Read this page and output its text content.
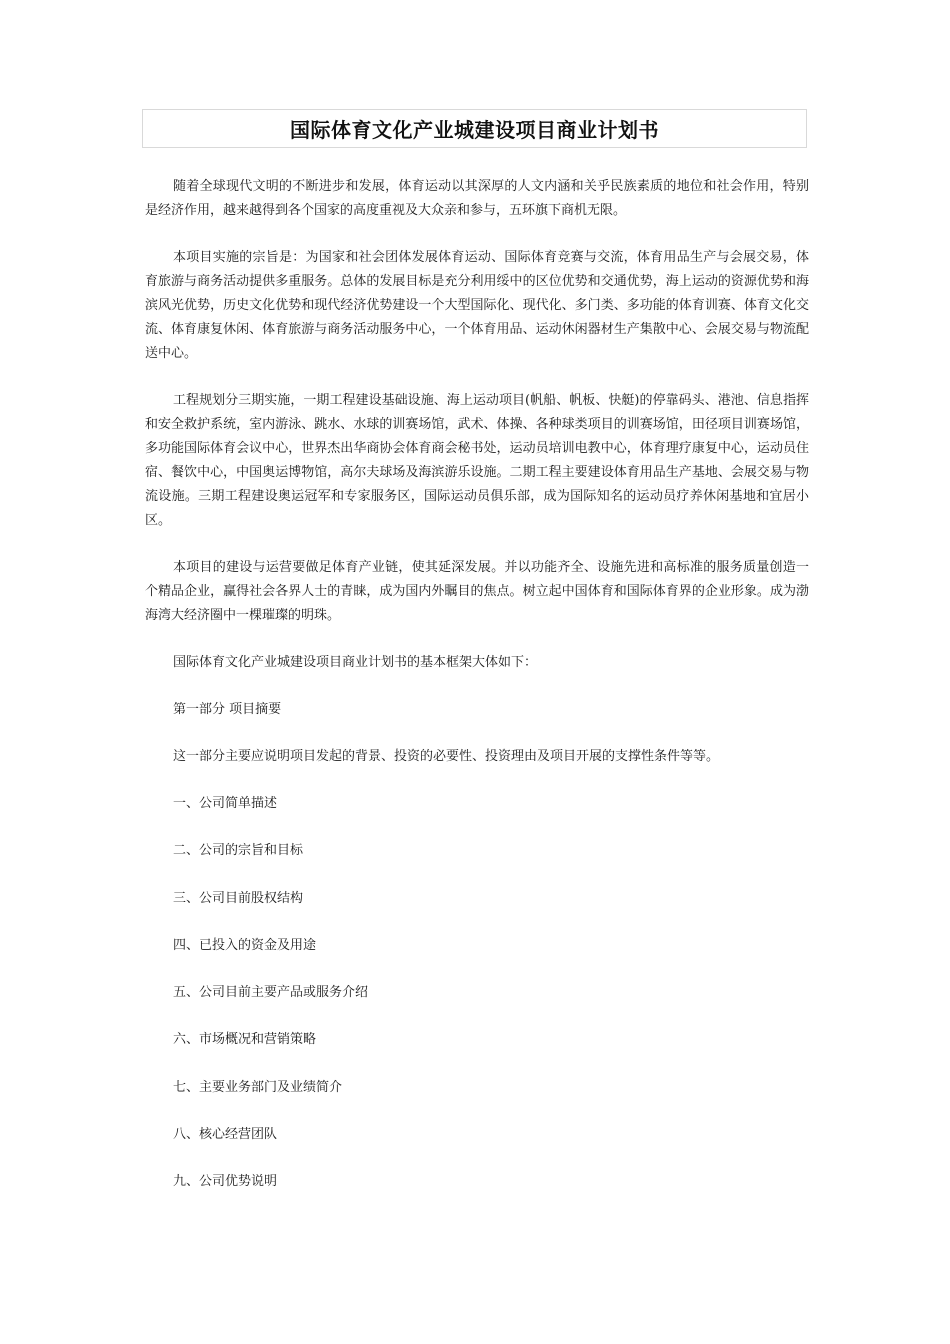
国际体育文化产业城建设项目商业计划书

随着全球现代文明的不断进步和发展，体育运动以其深厚的人文内涵和关乎民族素质的地位和社会作用，特别是经济作用，越来越得到各个国家的高度重视及大众亲和参与，五环旗下商机无限。

本项目实施的宗旨是：为国家和社会团体发展体育运动、国际体育竞赛与交流，体育用品生产与会展交易，体育旅游与商务活动提供多重服务。总体的发展目标是充分利用绥中的区位优势和交通优势，海上运动的资源优势和海滨风光优势，历史文化优势和现代经济优势建设一个大型国际化、现代化、多门类、多功能的体育训赛、体育文化交流、体育康复休闲、体育旅游与商务活动服务中心，一个体育用品、运动休闲器材生产集散中心、会展交易与物流配送中心。

工程规划分三期实施，一期工程建设基础设施、海上运动项目(帆船、帆板、快艇)的停靠码头、港池、信息指挥和安全救护系统，室内游泳、跳水、水球的训赛场馆，武术、体操、各种球类项目的训赛场馆，田径项目训赛场馆，多功能国际体育会议中心，世界杰出华商协会体育商会秘书处，运动员培训电教中心，体育理疗康复中心，运动员住宿、餐饮中心，中国奥运博物馆，高尔夫球场及海滨游乐设施。二期工程主要建设体育用品生产基地、会展交易与物流设施。三期工程建设奥运冠军和专家服务区，国际运动员俱乐部，成为国际知名的运动员疗养休闲基地和宜居小区。

本项目的建设与运营要做足体育产业链，使其延深发展。并以功能齐全、设施先进和高标准的服务质量创造一个精品企业，赢得社会各界人士的青睐，成为国内外瞩目的焦点。树立起中国体育和国际体育界的企业形象。成为渤海湾大经济圈中一棵璀璨的明珠。

国际体育文化产业城建设项目商业计划书的基本框架大体如下：

第一部分 项目摘要

这一部分主要应说明项目发起的背景、投资的必要性、投资理由及项目开展的支撑性条件等等。

一、公司简单描述

二、公司的宗旨和目标

三、公司目前股权结构

四、已投入的资金及用途

五、公司目前主要产品或服务介绍

六、市场概况和营销策略

七、主要业务部门及业绩简介

八、核心经营团队

九、公司优势说明
